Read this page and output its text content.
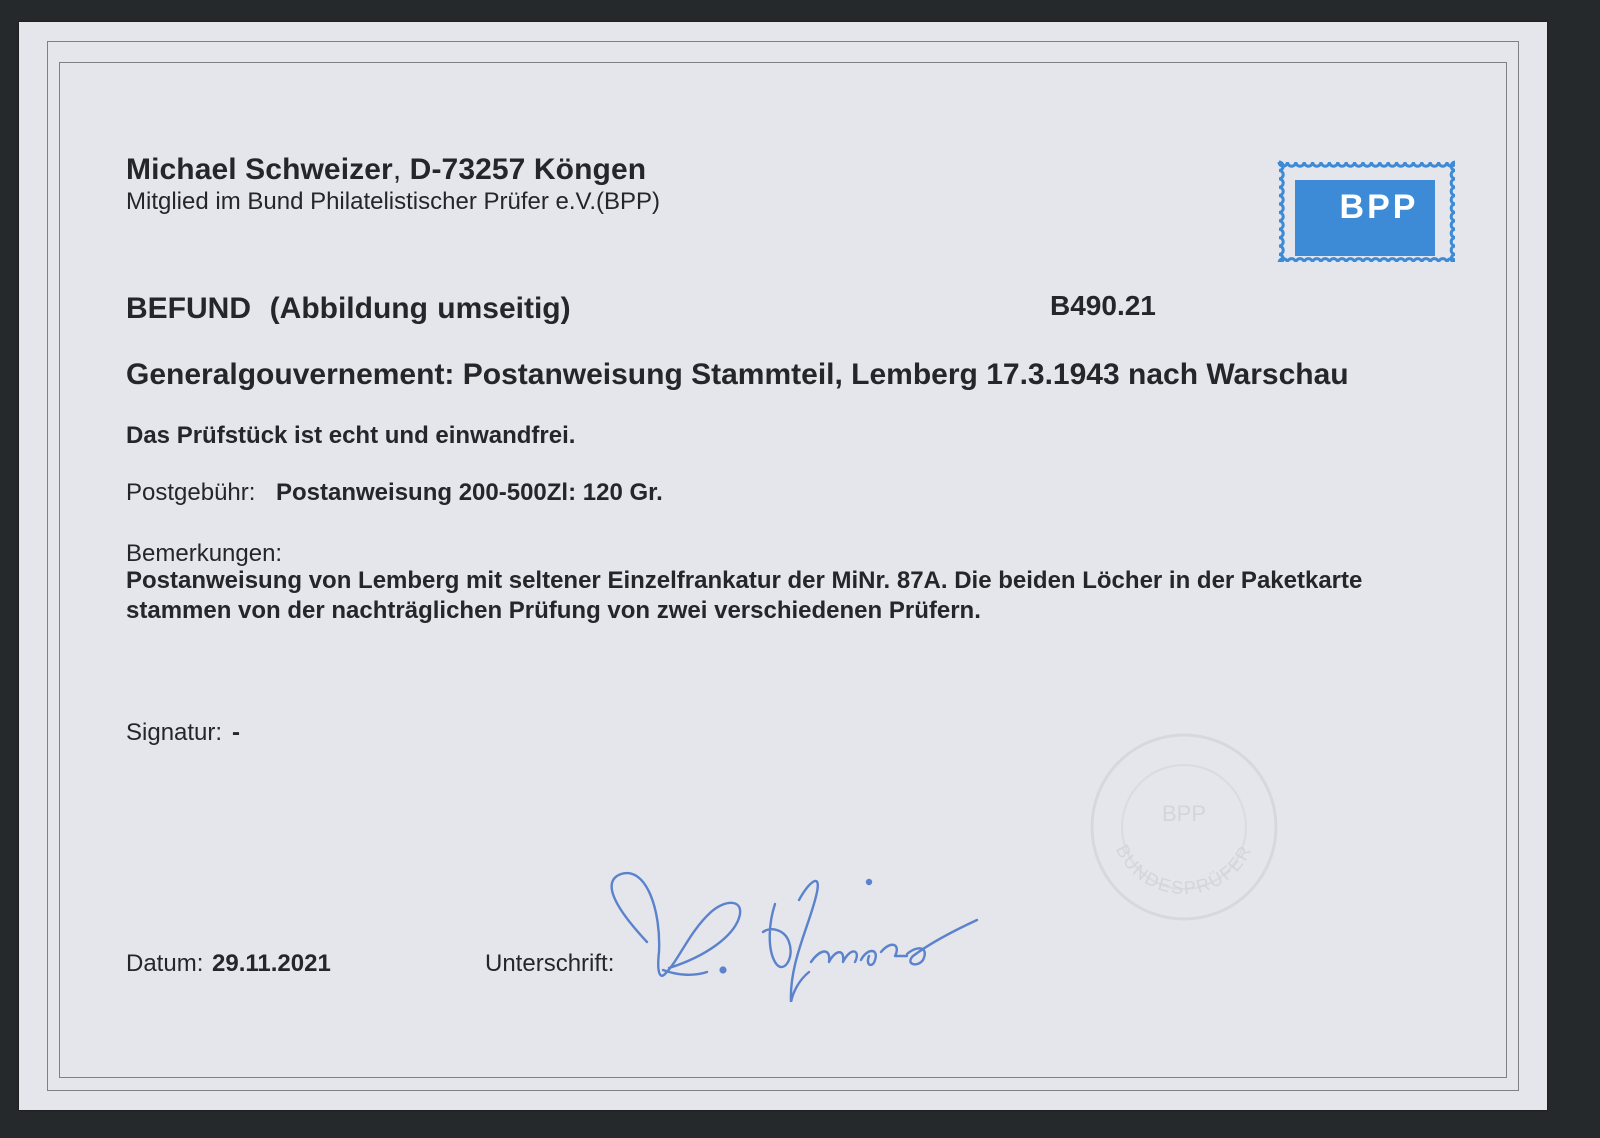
Michael Schweizer, D-73257 Köngen
Mitglied im Bund Philatelistischer Prüfer e.V.(BPP)	BPP
BEFUND  (Abbildung umseitig)	B490.21
Generalgouvernement: Postanweisung Stammteil, Lemberg 17.3.1943 nach Warschau
Das Prüfstück ist echt und einwandfrei.
Postgebühr: Postanweisung 200-500Zl: 120 Gr.
Bemerkungen:
Postanweisung von Lemberg mit seltener Einzelfrankatur der MiNr. 87A. Die beiden Löcher in der Paketkarte
stammen von der nachträglichen Prüfung von zwei verschiedenen Prüfern.
Signatur: -
BPP
BUNDESPRÜFER
Datum: 29.11.2021	Unterschrift:
